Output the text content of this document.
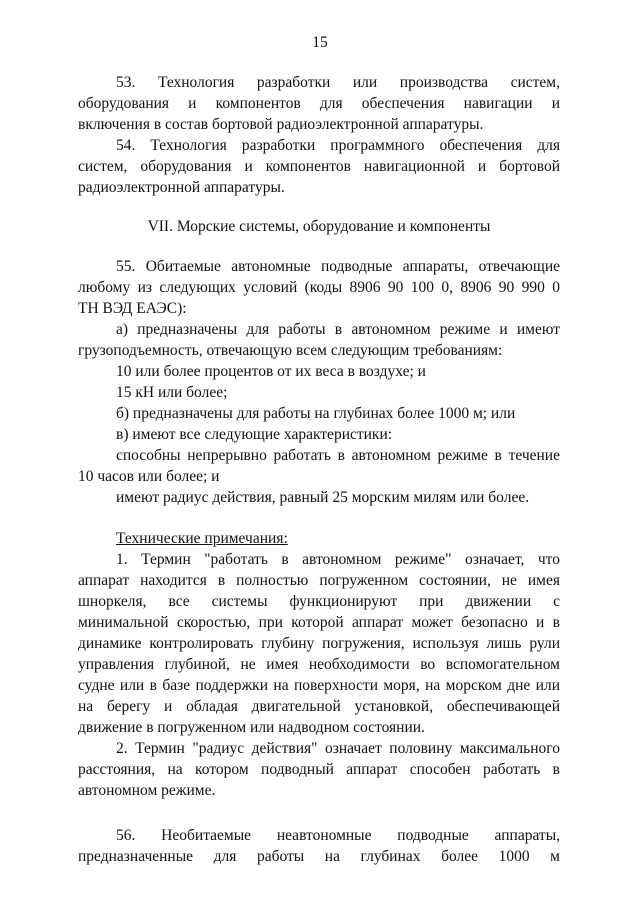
15

53. Технология разработки или производства систем,

оборудования и компонентов для обеспечения навигации и

включения в состав бортовой радиоэлектронной аппаратуры.

54. Технология разработки программного обеспечения для

систем, оборудования и компонентов навигационной и бортовой

радиоэлектронной аппаратуры.

VII. Морские системы, оборудование и компоненты

55. Обитаемые автономные подводные аппараты, отвечающие

любому из следующих условий (коды 8906 90 100 0, 8906 90 990 0

ТН ВЭД ЕАЭС):

а) предназначены для работы в автономном режиме и имеют

грузоподъемность, отвечающую всем следующим требованиям:

10 или более процентов от их веса в воздухе; и

15 кН или более;

б) предназначены для работы на глубинах более 1000 м; или

в) имеют все следующие характеристики:

способны непрерывно работать в автономном режиме в течение

10 часов или более; и

имеют радиус действия, равный 25 морским милям или более.

Технические примечания:

1. Термин "работать в автономном режиме" означает, что

аппарат находится в полностью погруженном состоянии, не имея

шноркеля, все системы функционируют при движении с

минимальной скоростью, при которой аппарат может безопасно и в

динамике контролировать глубину погружения, используя лишь рули

управления глубиной, не имея необходимости во вспомогательном

судне или в базе поддержки на поверхности моря, на морском дне или

на берегу и обладая двигательной установкой, обеспечивающей

движение в погруженном или надводном состоянии.

2. Термин "радиус действия" означает половину максимального

расстояния, на котором подводный аппарат способен работать в

автономном режиме.

56. Необитаемые неавтономные подводные аппараты,

предназначенные для работы на глубинах более 1000 м
